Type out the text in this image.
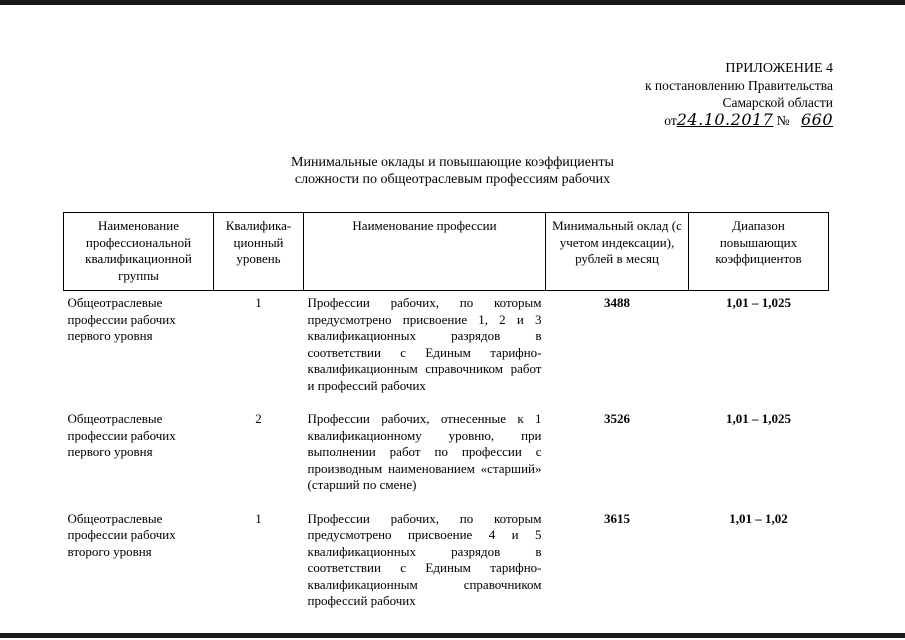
ПРИЛОЖЕНИЕ 4
к постановлению Правительства
Самарской области
от24.10.2017 № 660
Минимальные оклады и повышающие коэффициенты
сложности по общеотраслевым профессиям рабочих
Наименование профессиональной квалификационной группы	Квалифика-ционный уровень	Наименование профессии	Минимальный оклад (с учетом индексации), рублей в месяц	Диапазон повышающих коэффициентов
Общеотраслевые профессии рабочих первого уровня	1	Профессии рабочих, по которым предусмотрено присвоение 1, 2 и 3 квалификационных разрядов в соответствии с Единым тарифно-квалификационным справочником работ и профессий рабочих	3488	1,01 – 1,025
Общеотраслевые профессии рабочих первого уровня	2	Профессии рабочих, отнесенные к 1 квалификационному уровню, при выполнении работ по профессии с производным наименованием «старший» (старший по смене)	3526	1,01 – 1,025
Общеотраслевые профессии рабочих второго уровня	1	Профессии рабочих, по которым предусмотрено присвоение 4 и 5 квалификационных разрядов в соответствии с Единым тарифно-квалификационным справочником профессий рабочих	3615	1,01 – 1,02
